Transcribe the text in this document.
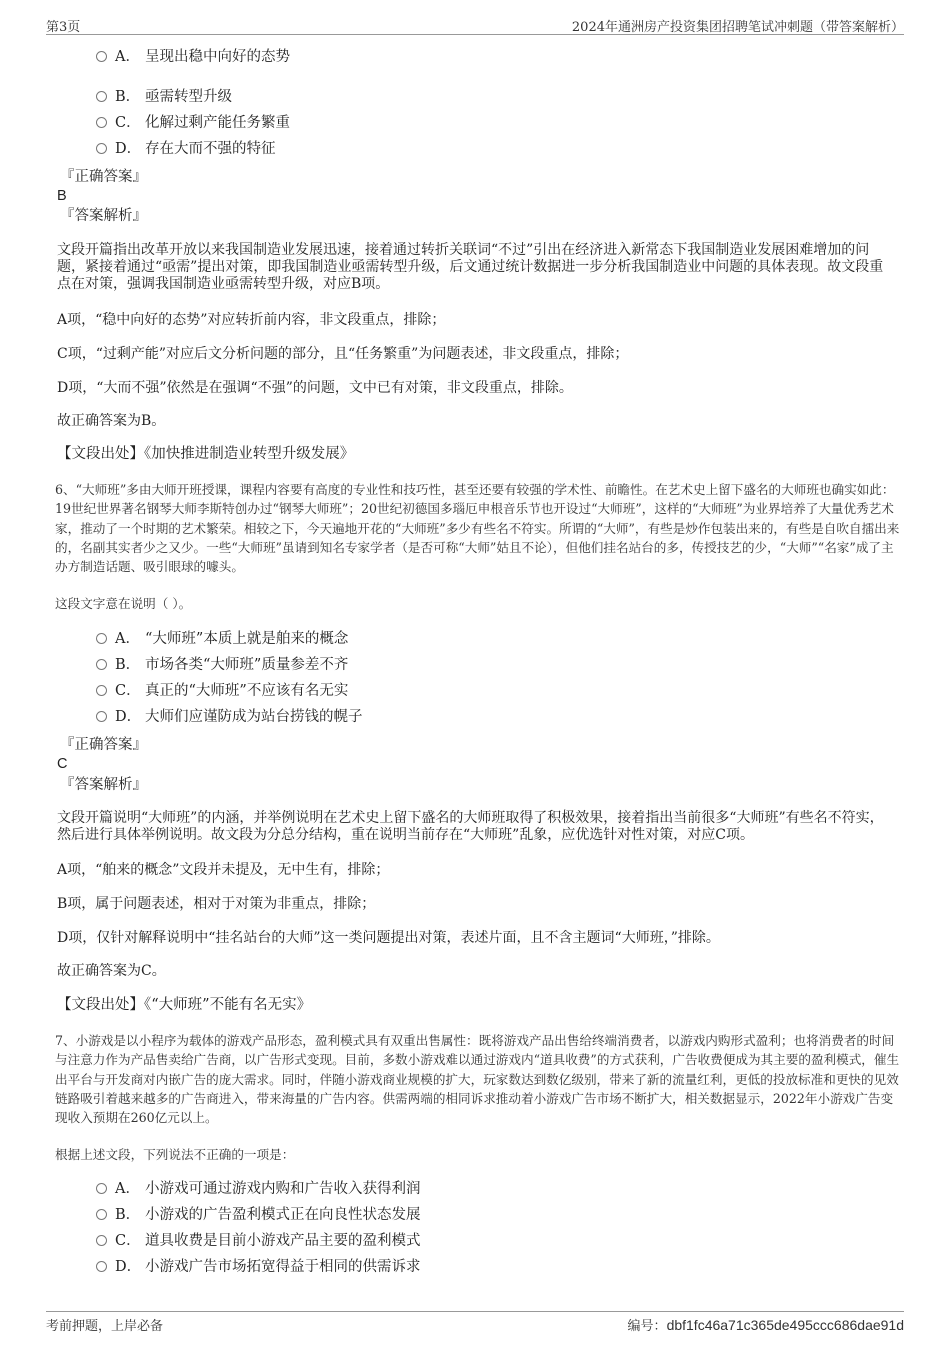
第3页	2024年通洲房产投资集团招聘笔试冲刺题（带答案解析）
A． 呈现出稳中向好的态势
B． 亟需转型升级
C． 化解过剩产能任务繁重
D． 存在大而不强的特征
『正确答案』
B
『答案解析』
文段开篇指出改革开放以来我国制造业发展迅速，接着通过转折关联词“不过”引出在经济进入新常态下我国制造业发展困难增加的问题，紧接着通过“亟需”提出对策，即我国制造业亟需转型升级，后文通过统计数据进一步分析我国制造业中问题的具体表现。故文段重点在对策，强调我国制造业亟需转型升级，对应B项。
A项，“稳中向好的态势”对应转折前内容，非文段重点，排除；
C项，“过剩产能”对应后文分析问题的部分，且“任务繁重”为问题表述，非文段重点，排除；
D项，“大而不强”依然是在强调“不强”的问题，文中已有对策，非文段重点，排除。
故正确答案为B。
【文段出处】《加快推进制造业转型升级发展》
6、“大师班”多由大师开班授课，课程内容要有高度的专业性和技巧性，甚至还要有较强的学术性、前瞻性。在艺术史上留下盛名的大师班也确实如此：19世纪世界著名钢琴大师李斯特创办过“钢琴大师班”；20世纪初德国多瑙厄申根音乐节也开设过“大师班”，这样的“大师班”为业界培养了大量优秀艺术家，推动了一个时期的艺术繁荣。相较之下，今天遍地开花的“大师班”多少有些名不符实。所谓的“大师”，有些是炒作包装出来的，有些是自吹自擂出来的，名副其实者少之又少。一些“大师班”虽请到知名专家学者（是否可称“大师”姑且不论），但他们挂名站台的多，传授技艺的少，“大师”“名家”成了主办方制造话题、吸引眼球的噱头。
这段文字意在说明（ ）。
A． “大师班”本质上就是舶来的概念
B． 市场各类“大师班”质量参差不齐
C． 真正的“大师班”不应该有名无实
D． 大师们应谨防成为站台捞钱的幌子
『正确答案』
C
『答案解析』
文段开篇说明“大师班”的内涵，并举例说明在艺术史上留下盛名的大师班取得了积极效果，接着指出当前很多“大师班”有些名不符实，然后进行具体举例说明。故文段为分总分结构，重在说明当前存在“大师班”乱象，应优选针对性对策，对应C项。
A项，“舶来的概念”文段并未提及，无中生有，排除；
B项，属于问题表述，相对于对策为非重点，排除；
D项，仅针对解释说明中“挂名站台的大师”这一类问题提出对策，表述片面，且不含主题词“大师班，”排除。
故正确答案为C。
【文段出处】《“大师班”不能有名无实》
7、小游戏是以小程序为载体的游戏产品形态，盈利模式具有双重出售属性：既将游戏产品出售给终端消费者，以游戏内购形式盈利；也将消费者的时间与注意力作为产品售卖给广告商，以广告形式变现。目前，多数小游戏难以通过游戏内“道具收费”的方式获利，广告收费便成为其主要的盈利模式，催生出平台与开发商对内嵌广告的庞大需求。同时，伴随小游戏商业规模的扩大，玩家数达到数亿级别，带来了新的流量红利，更低的投放标准和更快的见效链路吸引着越来越多的广告商进入，带来海量的广告内容。供需两端的相同诉求推动着小游戏广告市场不断扩大，相关数据显示，2022年小游戏广告变现收入预期在260亿元以上。
根据上述文段，下列说法不正确的一项是：
A． 小游戏可通过游戏内购和广告收入获得利润
B． 小游戏的广告盈利模式正在向良性状态发展
C． 道具收费是目前小游戏产品主要的盈利模式
D． 小游戏广告市场拓宽得益于相同的供需诉求
考前押题，上岸必备	编号：dbf1fc46a71c365de495ccc686dae91d
